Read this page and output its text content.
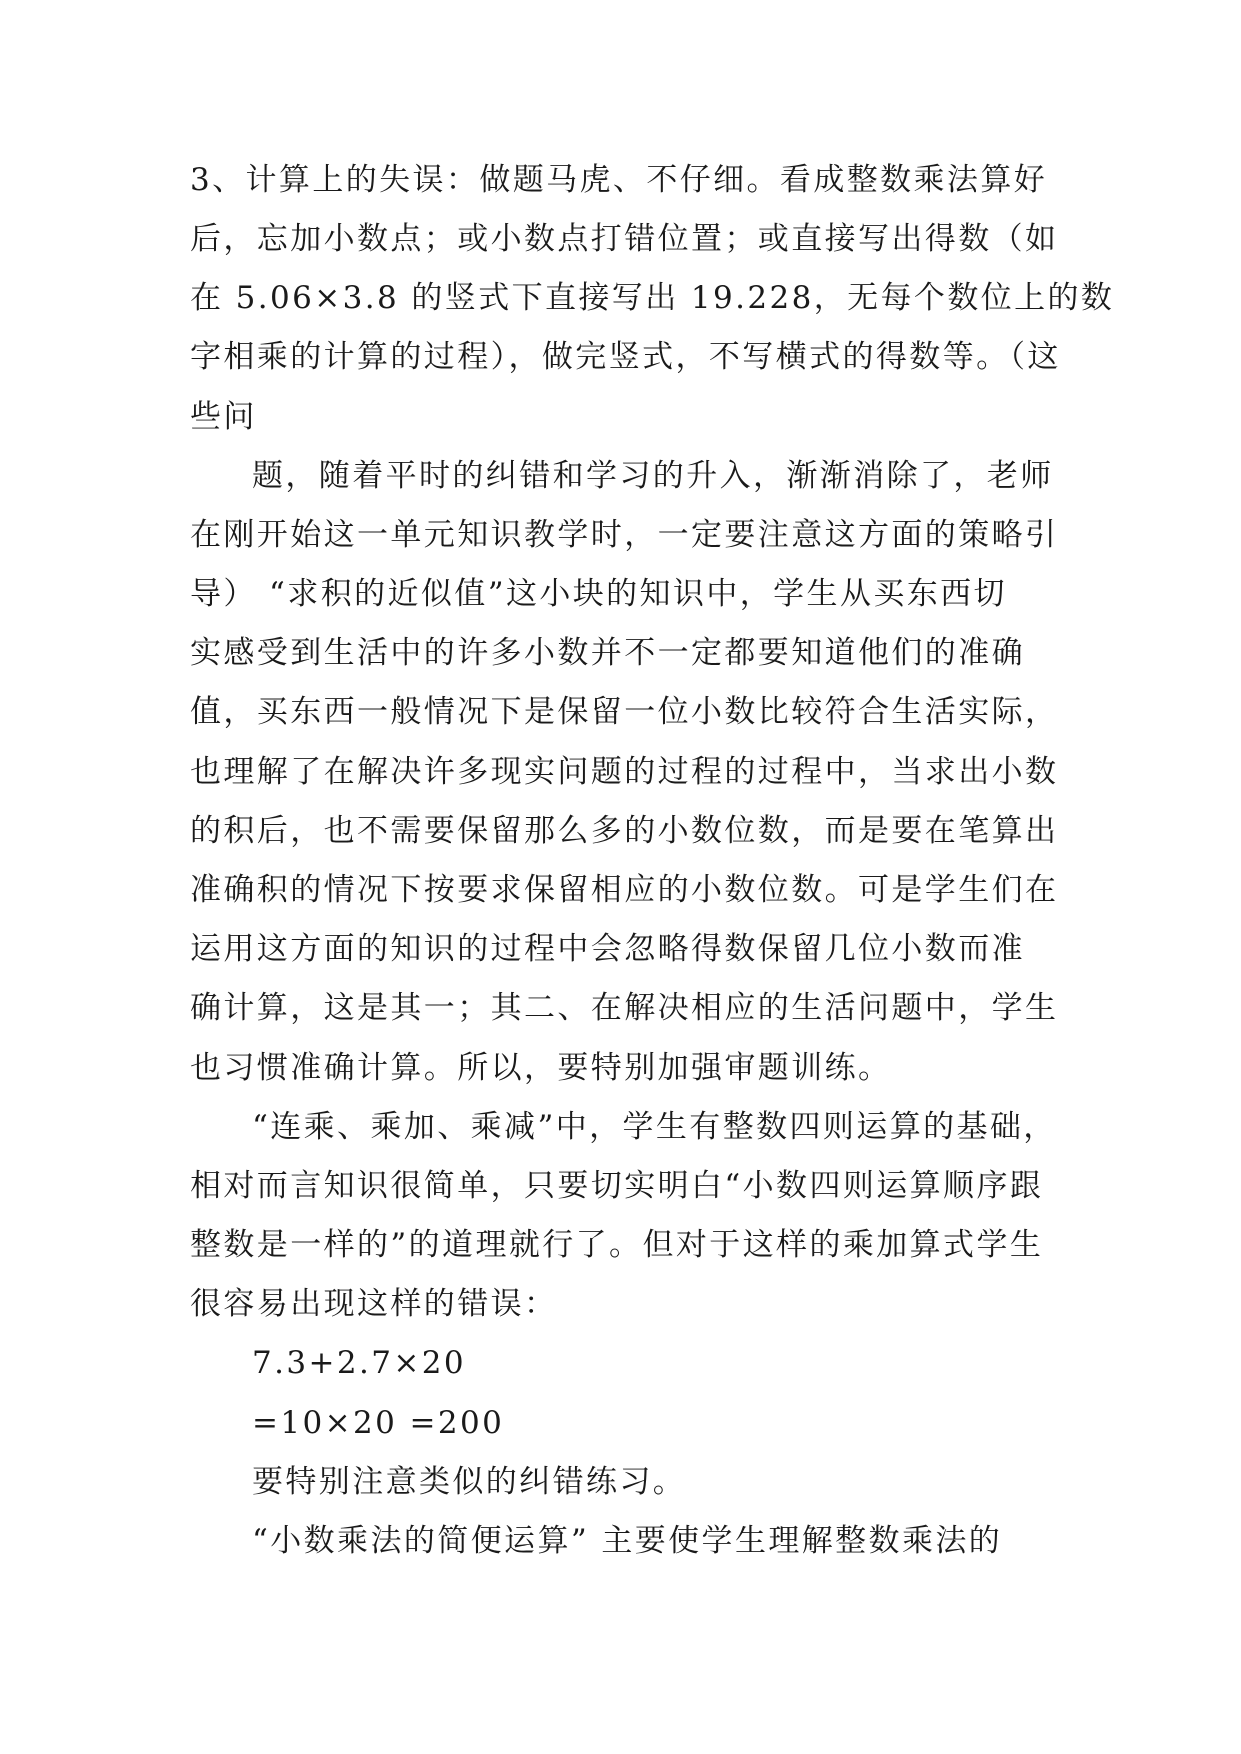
3、计算上的失误：做题马虎、不仔细。看成整数乘法算好
后，忘加小数点；或小数点打错位置；或直接写出得数（如
在 5.06×3.8 的竖式下直接写出 19.228，无每个数位上的数
字相乘的计算的过程），做完竖式，不写横式的得数等。（这
些问
题，随着平时的纠错和学习的升入，渐渐消除了，老师
在刚开始这一单元知识教学时，一定要注意这方面的策略引
导） “求积的近似值”这小块的知识中，学生从买东西切
实感受到生活中的许多小数并不一定都要知道他们的准确
值，买东西一般情况下是保留一位小数比较符合生活实际，
也理解了在解决许多现实问题的过程的过程中，当求出小数
的积后，也不需要保留那么多的小数位数，而是要在笔算出
准确积的情况下按要求保留相应的小数位数。可是学生们在
运用这方面的知识的过程中会忽略得数保留几位小数而准
确计算，这是其一；其二、在解决相应的生活问题中，学生
也习惯准确计算。所以，要特别加强审题训练。
“连乘、乘加、乘减”中，学生有整数四则运算的基础，
相对而言知识很简单，只要切实明白“小数四则运算顺序跟
整数是一样的”的道理就行了。但对于这样的乘加算式学生
很容易出现这样的错误：
7.3+2.7×20
=10×20 =200
要特别注意类似的纠错练习。
“小数乘法的简便运算” 主要使学生理解整数乘法的
